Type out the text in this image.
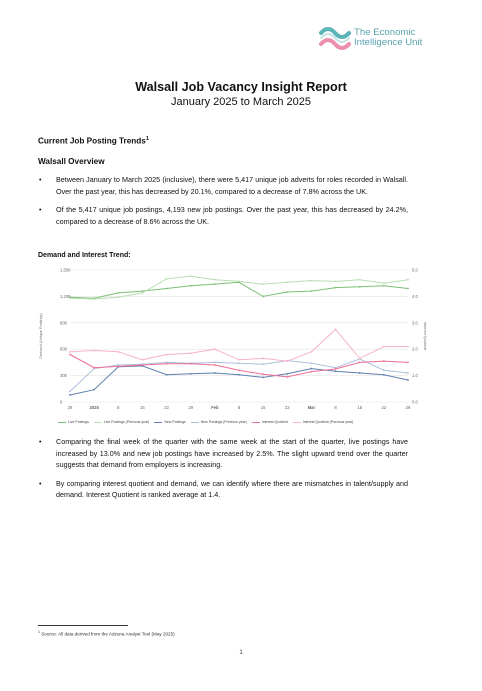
The Economic
Intelligence Unit
Walsall Job Vacancy Insight Report
January 2025 to March 2025
Current Job Posting Trends$^1$
Walsall Overview
• Between January to March 2025 (inclusive), there were 5,417 unique job adverts for roles recorded in Walsall. Over the past year, this has decreased by 20.1%, compared to a decrease of 7.8% across the UK.
• Of the 5,417 unique job postings, 4,193 new job postings. Over the past year, this has decreased by 24.2%, compared to a decrease of 8.6% across the UK.
Demand and Interest Trend:
0
300
600
900
1,200
1,500
0.0
1.0
2.0
3.0
4.0
5.0
29	2025	8	15	22	29	Feb	8	15	22	Mar	8	15	22	29
Demand (Unique Postings)	Interest Quotient
Live Postings	Live Postings (Previous year)	New Postings	New Postings (Previous year)	Interest Quotient	Interest Quotient (Previous year)
• Comparing the final week of the quarter with the same week at the start of the quarter, live postings have increased by 13.0% and new job postings have increased by 2.5%. The slight upward trend over the quarter suggests that demand from employers is increasing.
• By comparing interest quotient and demand, we can identify where there are mismatches in talent/supply and demand. Interest Quotient is ranked average at 1.4.
$^1$ Source: All data derived from the Adzuna Analyst Tool (May 2025)
1
